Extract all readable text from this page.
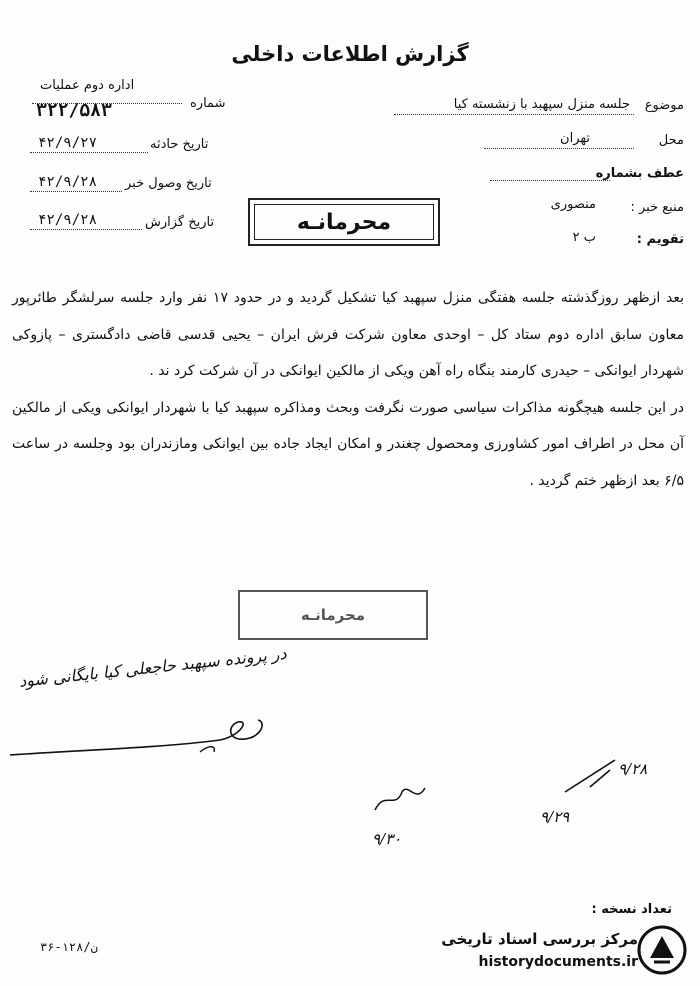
گزارش اطلاعات داخلی
موضوع
جلسه منزل سپهبد با زنشسته کیا
محل
تهران
عطف بشماره
منبع خبر :
منصوری
تقویم :
ب ۲
اداره دوم عملیات
شماره
۳۲۲/۵۸۳
تاریخ حادثه
۴۲/۹/۲۷
تاریخ وصول خبر
۴۲/۹/۲۸
تاریخ گزارش
۴۲/۹/۲۸	محرمانـه

بعد ازظهر روزگذشته جلسه هفتگی منزل سپهبد کیا تشکیل گردید و در حدود ۱۷ نفر وارد جلسه سرلشگر طائرپور معاون سابق اداره دوم ستاد کل – اوحدی معاون شرکت فرش ایران – یحیی قدسی قاضی دادگستری – پازوکی شهردار ایوانکی – حیدری کارمند بنگاه راه آهن ویکی از مالکین ایوانکی در آن شرکت کرد ند .

در این جلسه هیچگونه مذاکرات سیاسی صورت نگرفت وبحث ومذاکره سپهبد کیا با شهردار ایوانکی ویکی از مالکین آن محل در اطراف امور کشاورزی ومحصول چغندر و امکان ایجاد جاده بین ایوانکی ومازندران بود وجلسه در ساعت ۶/۵ بعد ازظهر ختم گردید .

محرمانـه
در پرونده سپهبد حاجعلی کیا بایگانی شود
۹/۲۸
۹/۲۹
۹/۳۰
تعداد نسخه :
۳۶-۱۲۸/ن	مرکز بررسی اسناد تاریخی
historydocuments.ir
